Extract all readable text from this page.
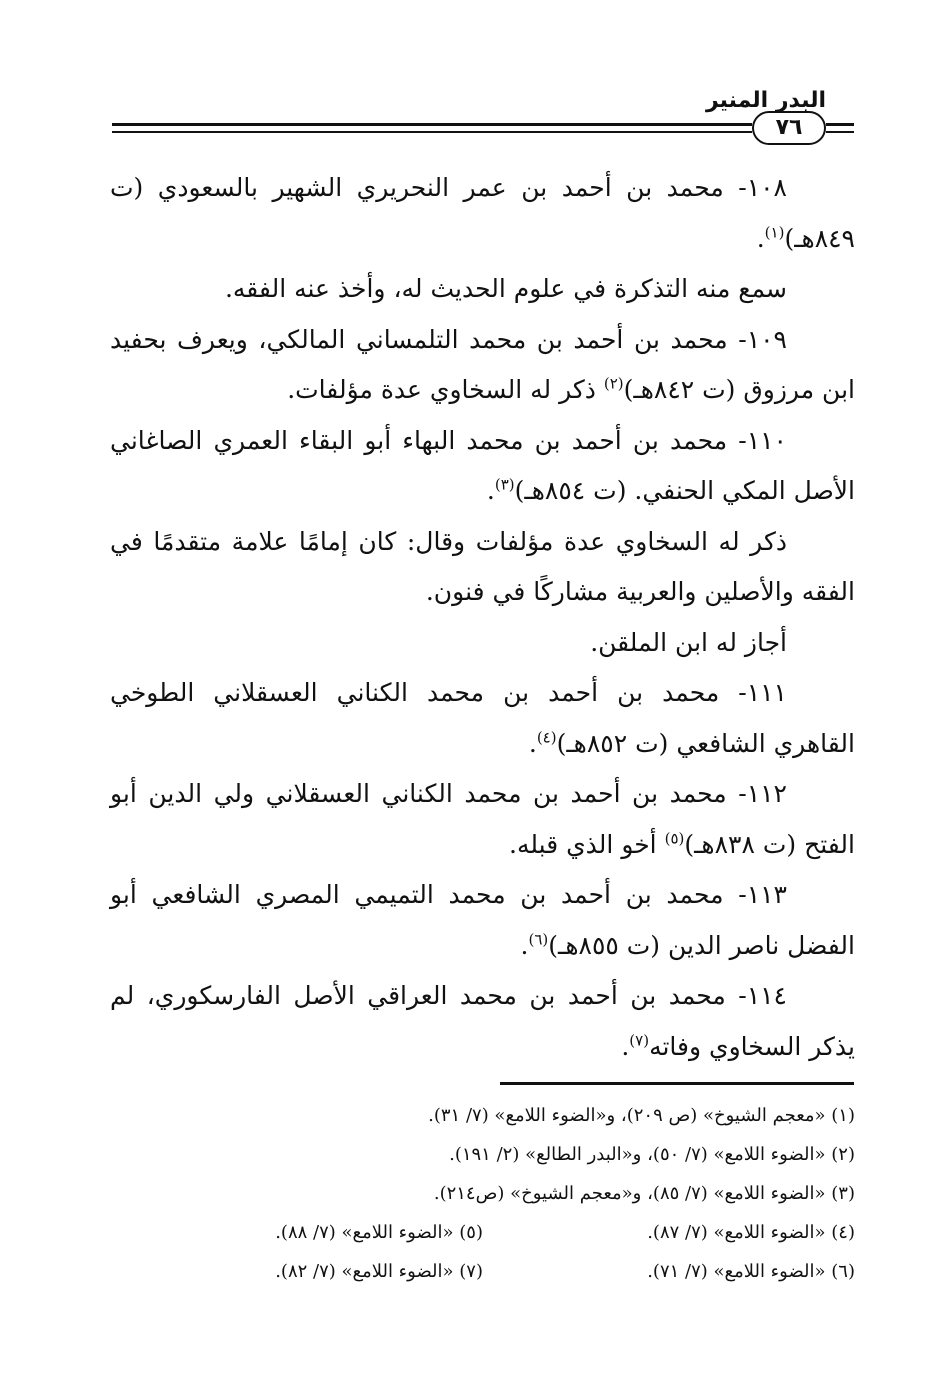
البدر المنير
٧٦

١٠٨- محمد بن أحمد بن عمر النحريري الشهير بالسعودي (ت ٨٤٩هـ)$^{(١)}$.

سمع منه التذكرة في علوم الحديث له، وأخذ عنه الفقه.

١٠٩- محمد بن أحمد بن محمد التلمساني المالكي، ويعرف بحفيد ابن مرزوق (ت ٨٤٢هـ)$^{(٢)}$ ذكر له السخاوي عدة مؤلفات.

١١٠- محمد بن أحمد بن محمد البهاء أبو البقاء العمري الصاغاني الأصل المكي الحنفي. (ت ٨٥٤هـ)$^{(٣)}$.

ذكر له السخاوي عدة مؤلفات وقال: كان إمامًا علامة متقدمًا في الفقه والأصلين والعربية مشاركًا في فنون.

أجاز له ابن الملقن.

١١١- محمد بن أحمد بن محمد الكناني العسقلاني الطوخي القاهري الشافعي (ت ٨٥٢هـ)$^{(٤)}$.

١١٢- محمد بن أحمد بن محمد الكناني العسقلاني ولي الدين أبو الفتح (ت ٨٣٨هـ)$^{(٥)}$ أخو الذي قبله.

١١٣- محمد بن أحمد بن محمد التميمي المصري الشافعي أبو الفضل ناصر الدين (ت ٨٥٥هـ)$^{(٦)}$.

١١٤- محمد بن أحمد بن محمد العراقي الأصل الفارسكوري، لم يذكر السخاوي وفاته$^{(٧)}$.

(١) «معجم الشيوخ» (ص ٢٠٩)، و«الضوء اللامع» (٧/ ٣١).
(٢) «الضوء اللامع» (٧/ ٥٠)، و«البدر الطالع» (٢/ ١٩١).
(٣) «الضوء اللامع» (٧/ ٨٥)، و«معجم الشيوخ» (ص٢١٤).
(٤) «الضوء اللامع» (٧/ ٨٧).
(٥) «الضوء اللامع» (٧/ ٨٨).
(٦) «الضوء اللامع» (٧/ ٧١).
(٧) «الضوء اللامع» (٧/ ٨٢).
